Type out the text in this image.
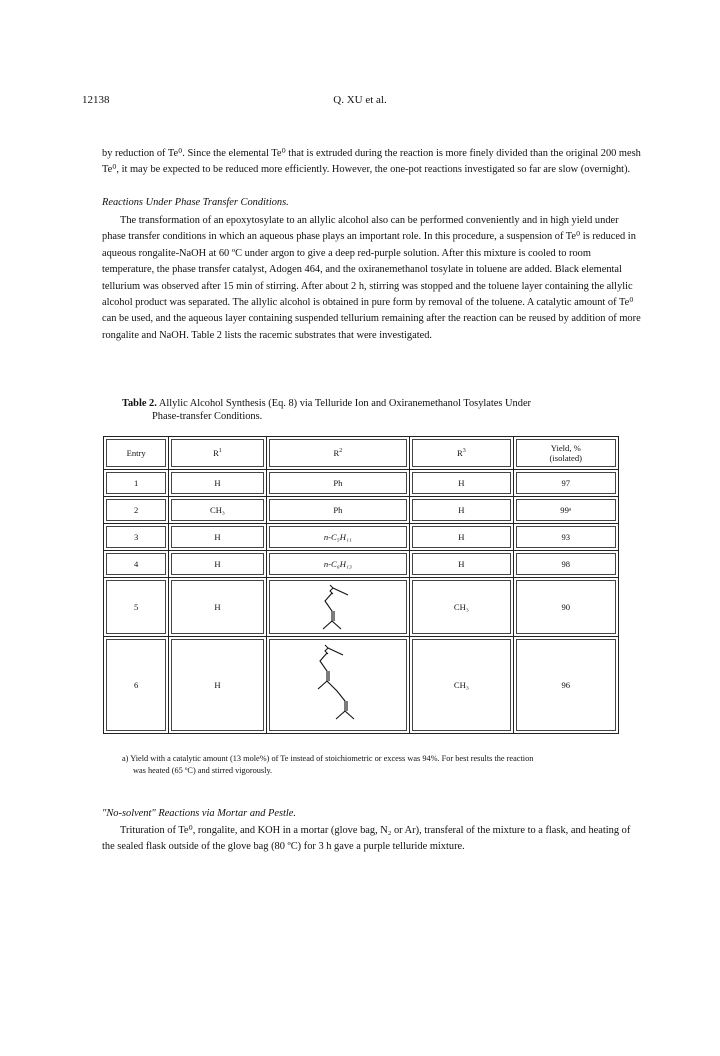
12138	Q. XU et al.
by reduction of Te⁰. Since the elemental Te⁰ that is extruded during the reaction is more finely divided than the original 200 mesh Te⁰, it may be expected to be reduced more efficiently. However, the one-pot reactions investigated so far are slow (overnight).
Reactions Under Phase Transfer Conditions.
The transformation of an epoxytosylate to an allylic alcohol also can be performed conveniently and in high yield under phase transfer conditions in which an aqueous phase plays an important role. In this procedure, a suspension of Te⁰ is reduced in aqueous rongalite-NaOH at 60 ºC under argon to give a deep red-purple solution. After this mixture is cooled to room temperature, the phase transfer catalyst, Adogen 464, and the oxiranemethanol tosylate in toluene are added. Black elemental tellurium was observed after 15 min of stirring. After about 2 h, stirring was stopped and the toluene layer containing the allylic alcohol product was separated. The allylic alcohol is obtained in pure form by removal of the toluene. A catalytic amount of Te⁰ can be used, and the aqueous layer containing suspended tellurium remaining after the reaction can be reused by addition of more rongalite and NaOH. Table 2 lists the racemic substrates that were investigated.
Table 2. Allylic Alcohol Synthesis (Eq. 8) via Telluride Ion and Oxiranemethanol Tosylates Under
Phase-transfer Conditions.
Entry	$R^1$	$R^2$	$R^3$	Yield, %
(isolated)

1	H	Ph	H	97
2	CH₃	Ph	H	99ᵃ
3	H	n-C₅H₁₁	H	93
4	H	n-C₆H₁₃	H	98
5	H		CH₃	90
6	H		CH₃	96
a) Yield with a catalytic amount (13 mole%) of Te instead of stoichiometric or excess was 94%. For best results the reaction
was heated (65 ºC) and stirred vigorously.
"No-solvent" Reactions via Mortar and Pestle.
Trituration of Te⁰, rongalite, and KOH in a mortar (glove bag, N₂ or Ar), transferal of the mixture to a flask, and heating of the sealed flask outside of the glove bag (80 ºC) for 3 h gave a purple telluride mixture.
